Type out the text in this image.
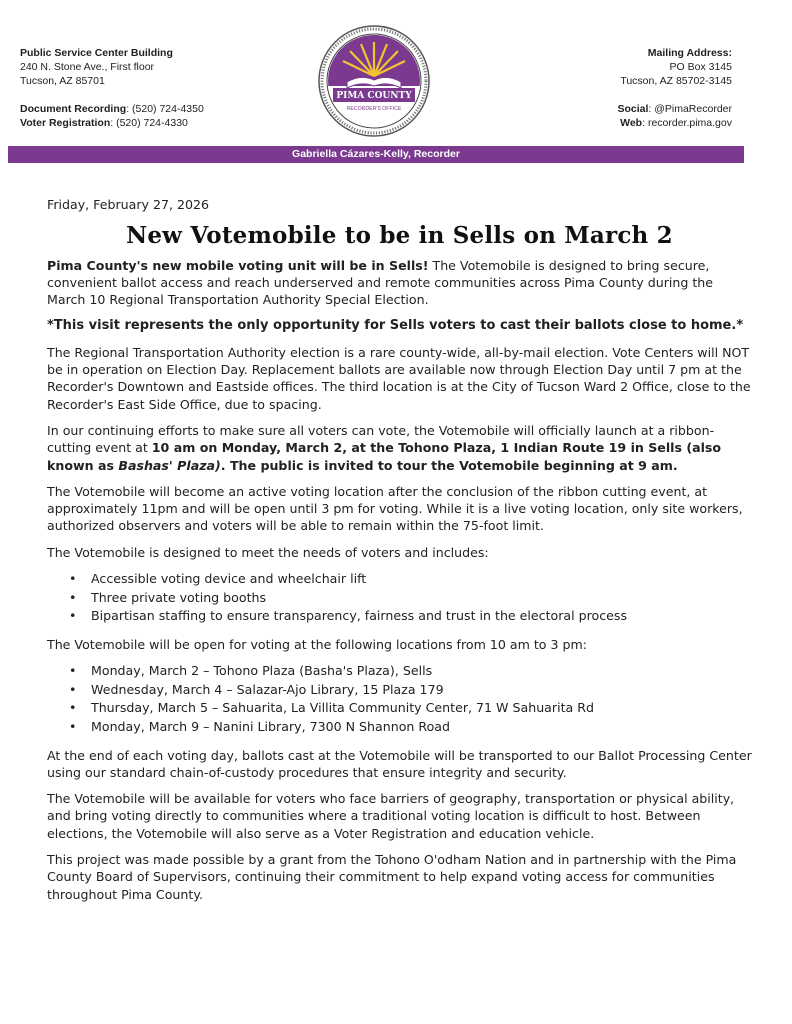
Public Service Center Building
240 N. Stone Ave., First floor
Tucson, AZ 85701
Document Recording: (520) 724-4350
Voter Registration: (520) 724-4330
Mailing Address:
PO Box 3145
Tucson, AZ 85702-3145
Social: @PimaRecorder
Web: recorder.pima.gov
PIMA COUNTY
RECORDER'S OFFICE
Gabriella Cázares-Kelly, Recorder
Friday, February 27, 2026
New Votemobile to be in Sells on March 2

Pima County's new mobile voting unit will be in Sells! The Votemobile is designed to bring secure, convenient ballot access and reach underserved and remote communities across Pima County during the March 10 Regional Transportation Authority Special Election.

*This visit represents the only opportunity for Sells voters to cast their ballots close to home.*

The Regional Transportation Authority election is a rare county-wide, all-by-mail election. Vote Centers will NOT be in operation on Election Day. Replacement ballots are available now through Election Day until 7 pm at the Recorder's Downtown and Eastside offices. The third location is at the City of Tucson Ward 2 Office, close to the Recorder's East Side Office, due to spacing.

In our continuing efforts to make sure all voters can vote, the Votemobile will officially launch at a ribbon-cutting event at 10 am on Monday, March 2, at the Tohono Plaza, 1 Indian Route 19 in Sells (also known as Bashas' Plaza). The public is invited to tour the Votemobile beginning at 9 am.

The Votemobile will become an active voting location after the conclusion of the ribbon cutting event, at approximately 11pm and will be open until 3 pm for voting. While it is a live voting location, only site workers, authorized observers and voters will be able to remain within the 75-foot limit.

The Votemobile is designed to meet the needs of voters and includes:

• Accessible voting device and wheelchair lift
• Three private voting booths
• Bipartisan staffing to ensure transparency, fairness and trust in the electoral process

The Votemobile will be open for voting at the following locations from 10 am to 3 pm:

• Monday, March 2 – Tohono Plaza (Basha's Plaza), Sells
• Wednesday, March 4 – Salazar-Ajo Library, 15 Plaza 179
• Thursday, March 5 – Sahuarita, La Villita Community Center, 71 W Sahuarita Rd
• Monday, March 9 – Nanini Library, 7300 N Shannon Road

At the end of each voting day, ballots cast at the Votemobile will be transported to our Ballot Processing Center using our standard chain-of-custody procedures that ensure integrity and security.

The Votemobile will be available for voters who face barriers of geography, transportation or physical ability, and bring voting directly to communities where a traditional voting location is difficult to host. Between elections, the Votemobile will also serve as a Voter Registration and education vehicle.

This project was made possible by a grant from the Tohono O'odham Nation and in partnership with the Pima County Board of Supervisors, continuing their commitment to help expand voting access for communities throughout Pima County.
